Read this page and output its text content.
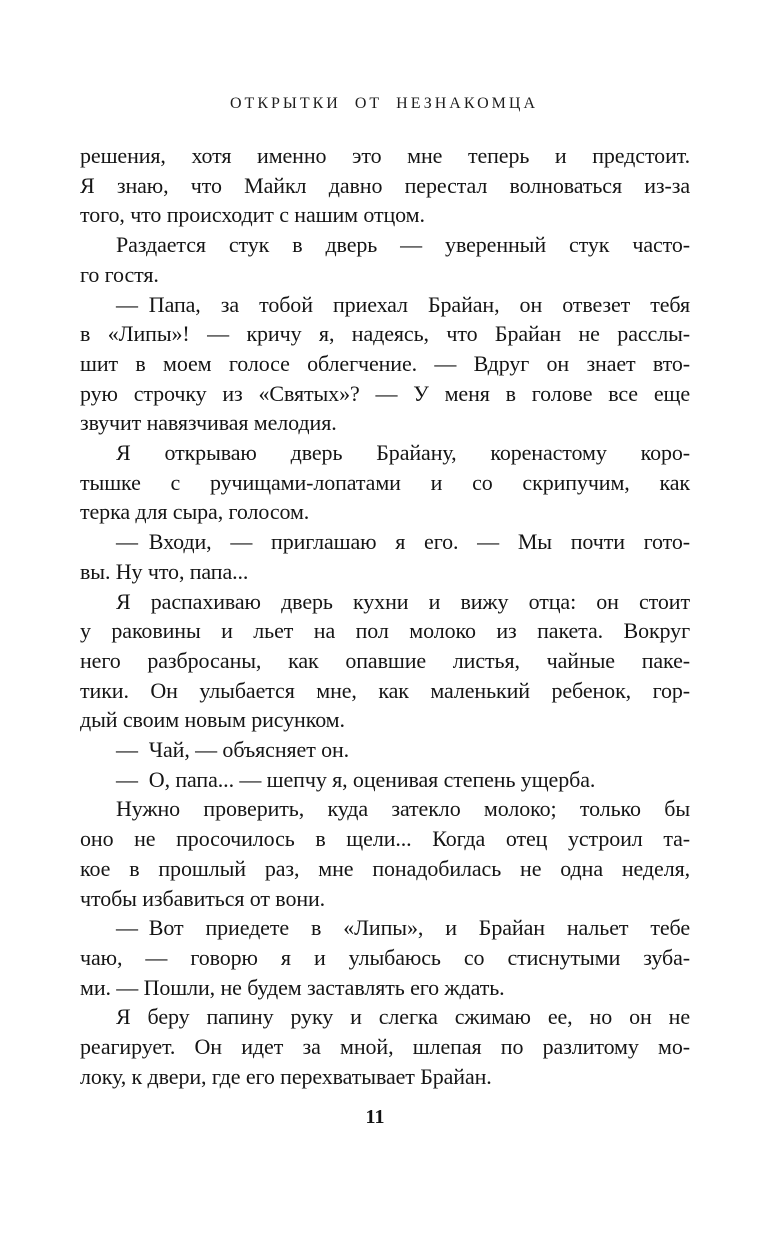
ОТКРЫТКИ ОТ НЕЗНАКОМЦА
решения, хотя именно это мне теперь и предстоит.
Я знаю, что Майкл давно перестал волноваться из-за
того, что происходит с нашим отцом.
Раздается стук в дверь — уверенный стук часто-
го гостя.
— Папа, за тобой приехал Брайан, он отвезет тебя
в «Липы»! — кричу я, надеясь, что Брайан не расслы-
шит в моем голосе облегчение. — Вдруг он знает вто-
рую строчку из «Святых»? — У меня в голове все еще
звучит навязчивая мелодия.
Я открываю дверь Брайану, коренастому коро-
тышке с ручищами-лопатами и со скрипучим, как
терка для сыра, голосом.
— Входи, — приглашаю я его. — Мы почти гото-
вы. Ну что, папа...
Я распахиваю дверь кухни и вижу отца: он стоит
у раковины и льет на пол молоко из пакета. Вокруг
него разбросаны, как опавшие листья, чайные паке-
тики. Он улыбается мне, как маленький ребенок, гор-
дый своим новым рисунком.
— Чай, — объясняет он.
— О, папа... — шепчу я, оценивая степень ущерба.
Нужно проверить, куда затекло молоко; только бы
оно не просочилось в щели... Когда отец устроил та-
кое в прошлый раз, мне понадобилась не одна неделя,
чтобы избавиться от вони.
— Вот приедете в «Липы», и Брайан нальет тебе
чаю, — говорю я и улыбаюсь со стиснутыми зуба-
ми. — Пошли, не будем заставлять его ждать.
Я беру папину руку и слегка сжимаю ее, но он не
реагирует. Он идет за мной, шлепая по разлитому мо-
локу, к двери, где его перехватывает Брайан.
11
